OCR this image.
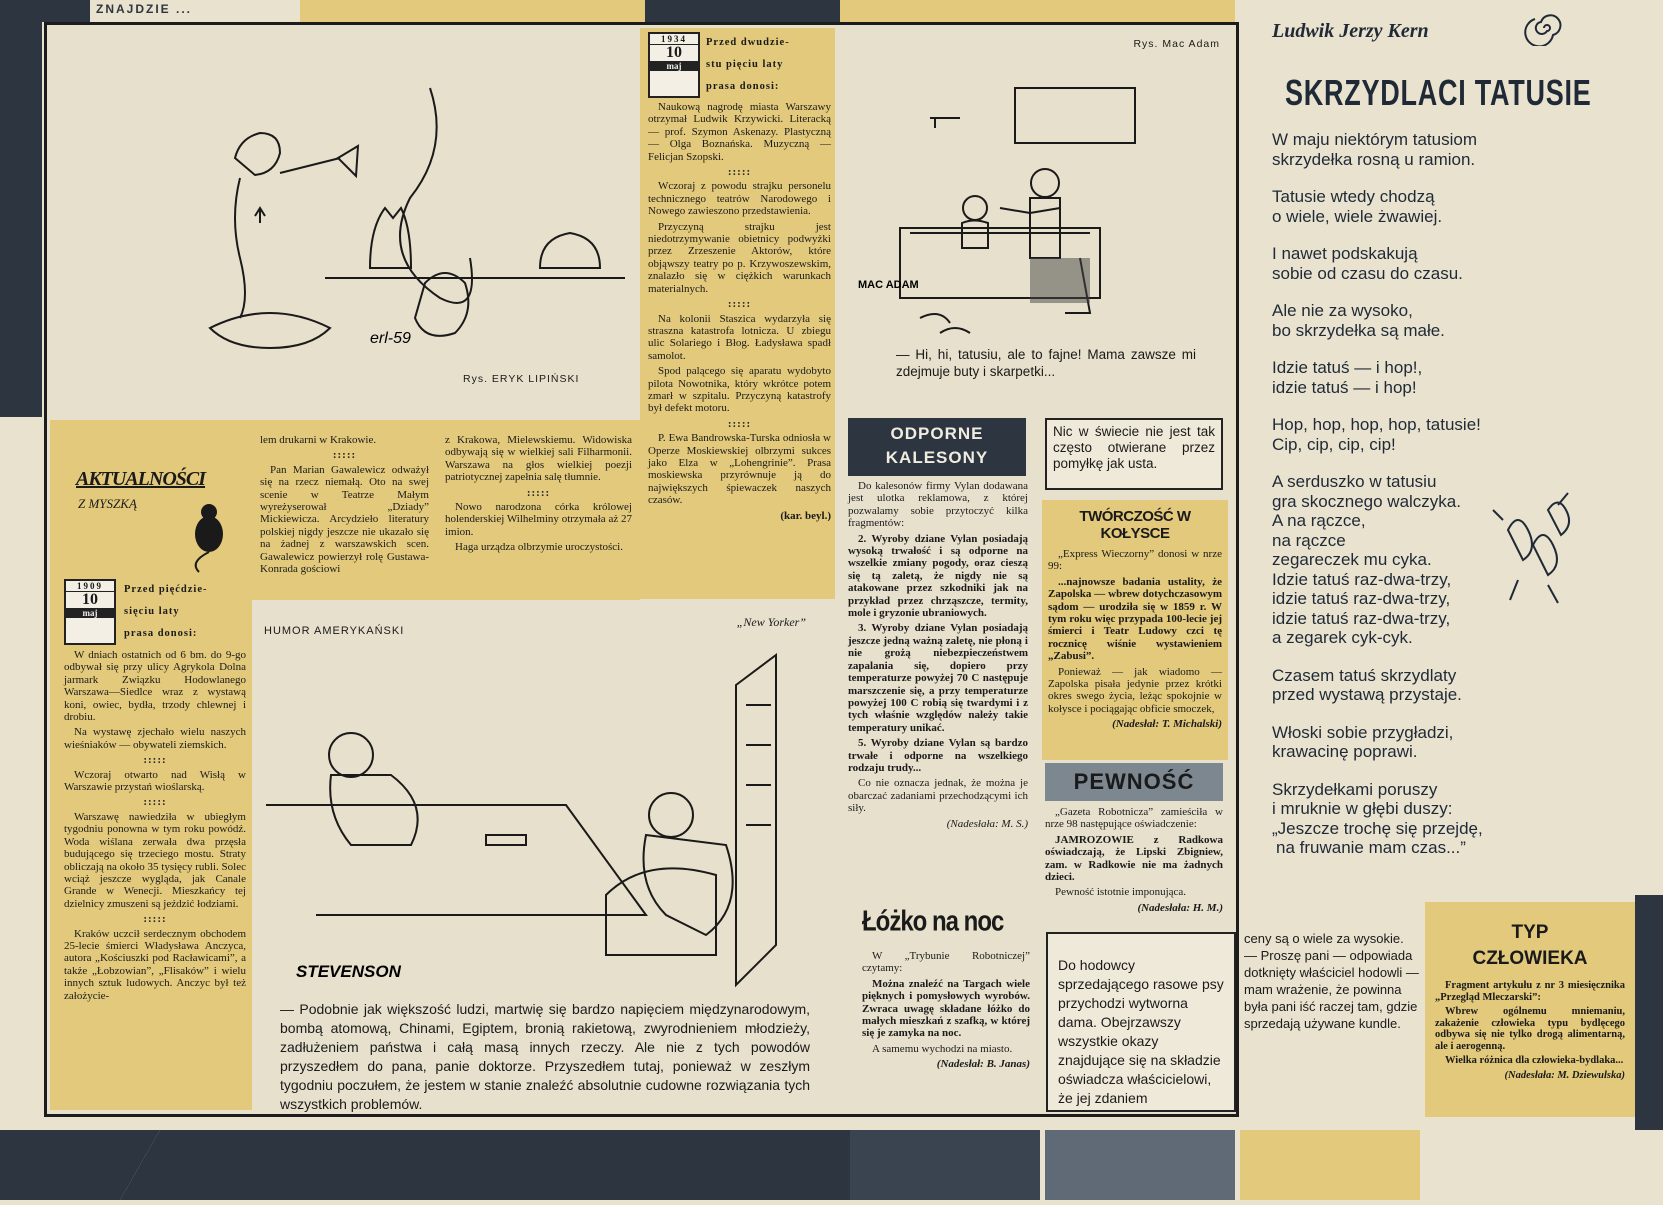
ZNAJDZIE ...
erl-59
Rys. ERYK LIPIŃSKI
1934
10
maj
Przed dwudzie-
stu pięciu laty
prasa donosi:

Naukową nagrodę miasta Warszawy otrzymał Ludwik Krzywicki. Literacką — prof. Szymon Askenazy. Plastyczną — Olga Boznańska. Muzyczną — Felicjan Szopski.

:::::

Wczoraj z powodu strajku personelu technicznego teatrów Narodowego i Nowego zawieszono przedstawienia.

Przyczyną strajku jest niedotrzymywanie obietnicy podwyżki przez Zrzeszenie Aktorów, które objąwszy teatry po p. Krzywoszewskim, znalazło się w ciężkich warunkach materialnych.

:::::

Na kolonii Staszica wydarzyła się straszna katastrofa lotnicza. U zbiegu ulic Solariego i Błog. Ładysława spadł samolot.

Spod palącego się aparatu wydobyto pilota Nowotnika, który wkrótce potem zmarł w szpitalu. Przyczyną katastrofy był defekt motoru.

:::::

P. Ewa Bandrowska-Turska odniosła w Operze Moskiewskiej olbrzymi sukces jako Elza w „Lohengrinie”. Prasa moskiewska przyrównuje ją do największych śpiewaczek naszych czasów.

(kar. beyl.)

Rys. Mac Adam
MAC ADAM
— Hi, hi, tatusiu, ale to fajne! Mama zawsze mi zdejmuje buty i skarpetki...
AKTUALNOŚCI
Z MYSZKĄ
1909
10
maj
Przed pięćdzie-
sięciu laty
prasa donosi:

W dniach ostatnich od 6 bm. do 9-go odbywał się przy ulicy Agrykola Dolna jarmark Związku Hodowlanego Warszawa—Siedlce wraz z wystawą koni, owiec, bydła, trzody chlewnej i drobiu.

Na wystawę zjechało wielu naszych wieśniaków — obywateli ziemskich.

:::::

Wczoraj otwarto nad Wisłą w Warszawie przystań wioślarską.

:::::

Warszawę nawiedziła w ubiegłym tygodniu ponowna w tym roku powódź. Woda wiślana zerwała dwa przęsła budującego się trzeciego mostu. Straty obliczają na około 35 tysięcy rubli. Solec wciąż jeszcze wygląda, jak Canale Grande w Wenecji. Mieszkańcy tej dzielnicy zmuszeni są jeździć łodziami.

:::::

Kraków uczcił serdecznym obchodem 25-lecie śmierci Władysława Anczyca, autora „Kościuszki pod Racławicami”, a także „Łobzowian”, „Flisaków” i wielu innych sztuk ludowych. Anczyc był też założycie-

lem drukarni w Krakowie.

:::::

Pan Marian Gawalewicz odważył się na rzecz niemałą. Oto na swej scenie w Teatrze Małym wyreżyserował „Dziady” Mickiewicza. Arcydzieło literatury polskiej nigdy jeszcze nie ukazało się na żadnej z warszawskich scen. Gawalewicz powierzył rolę Gustawa-Konrada gościowi

z Krakowa, Mielewskiemu. Widowiska odbywają się w wielkiej sali Filharmonii. Warszawa na głos wielkiej poezji patriotycznej zapełnia salę tłumnie.

:::::

Nowo narodzona córka królowej holenderskiej Wilhelminy otrzymała aż 27 imion.

Haga urządza olbrzymie uroczystości.

HUMOR AMERYKAŃSKI
„New Yorker”
STEVENSON
— Podobnie jak większość ludzi, martwię się bardzo napięciem międzynarodowym, bombą atomową, Chinami, Egiptem, bronią rakietową, zwyrodnieniem młodzieży, zadłużeniem państwa i całą masą innych rzeczy. Ale nie z tych powodów przyszedłem do pana, panie doktorze. Przyszedłem tutaj, ponieważ w zeszłym tygodniu poczułem, że jestem w stanie znaleźć absolutnie cudowne rozwiązania tych wszystkich problemów.
ODPORNE
KALESONY

Do kalesonów firmy Vylan dodawana jest ulotka reklamowa, z której pozwalamy sobie przytoczyć kilka fragmentów:

2. Wyroby dziane Vylan posiadają wysoką trwałość i są odporne na wszelkie zmiany pogody, oraz cieszą się tą zaletą, że nigdy nie są atakowane przez szkodniki jak na przykład przez chrząszcze, termity, mole i gryzonie ubraniowych.

3. Wyroby dziane Vylan posiadają jeszcze jedną ważną zaletę, nie płoną i nie grożą niebezpieczeństwem zapalania się, dopiero przy temperaturze powyżej 70 C następuje marszczenie się, a przy temperaturze powyżej 100 C robią się twardymi i z tych właśnie względów należy takie temperatury unikać.

5. Wyroby dziane Vylan są bardzo trwałe i odporne na wszelkiego rodzaju trudy...

Co nie oznacza jednak, że można je obarczać zadaniami przechodzącymi ich siły.

(Nadesłała: M. S.)

Nic w świecie nie jest tak często otwierane przez pomyłkę jak usta.
TWÓRCZOŚĆ W KOŁYSCE

„Express Wieczorny” donosi w nrze 99:

...najnowsze badania ustality, że Zapolska — wbrew dotychczasowym sądom — urodziła się w 1859 r. W tym roku więc przypada 100-lecie jej śmierci i Teatr Ludowy czci tę rocznicę wiśnie wystawieniem „Zabusi”.

Ponieważ — jak wiadomo — Zapolska pisała jedynie przez krótki okres swego życia, leżąc spokojnie w kołysce i pociągając obficie smoczek,

(Nadesłał: T. Michalski)

PEWNOŚĆ

„Gazeta Robotnicza” zamieściła w nrze 98 następujące oświadczenie:

JAMROZOWIE z Radkowa oświadczają, że Lipski Zbigniew, zam. w Radkowie nie ma żadnych dzieci.

Pewność istotnie imponująca.

(Nadesłała: H. M.)

Łóżko na noc

W „Trybunie Robotniczej” czytamy:

Można znaleźć na Targach wiele pięknych i pomysłowych wyrobów. Zwraca uwagę składane łóżko do małych mieszkań z szafką, w której się je zamyka na noc.

A samemu wychodzi na miasto.

(Nadesłał: B. Janas)

Do hodowcy sprzedającego rasowe psy przychodzi wytworna dama. Obejrzawszy wszystkie okazy znajdujące się na składzie oświadcza właścicielowi, że jej zdaniem
ceny są o wiele za wysokie.
— Proszę pani — odpowiada dotknięty właściciel hodowli — mam wrażenie, że powinna była pani iść raczej tam, gdzie sprzedają używane kundle.
TYP
CZŁOWIEKA

Fragment artykułu z nr 3 miesięcznika „Przegląd Mleczarski”:

Wbrew ogólnemu mniemaniu, zakażenie człowieka typu bydlęcego odbywa się nie tylko drogą alimentarną, ale i aerogenną.

Wielka różnica dla człowieka-bydlaka...

(Nadesłała: M. Dziewulska)

Ludwik Jerzy Kern
SKRZYDLACI TATUSIE
W maju niektórym tatusiom
skrzydełka rosną u ramion.
Tatusie wtedy chodzą
o wiele, wiele żwawiej.
I nawet podskakują
sobie od czasu do czasu.
Ale nie za wysoko,
bo skrzydełka są małe.
Idzie tatuś — i hop!,
idzie tatuś — i hop!
Hop, hop, hop, hop, tatusie!
Cip, cip, cip, cip!
A serduszko w tatusiu
gra skocznego walczyka.
A na rączce,
na rączce
zegareczek mu cyka.
Idzie tatuś raz-dwa-trzy,
idzie tatuś raz-dwa-trzy,
idzie tatuś raz-dwa-trzy,
a zegarek cyk-cyk.
Czasem tatuś skrzydlaty
przed wystawą przystaje.
Włoski sobie przygładzi,
krawacinę poprawi.
Skrzydełkami poruszy
i mruknie w głębi duszy:
„Jeszcze trochę się przejdę,
na fruwanie mam czas...”
